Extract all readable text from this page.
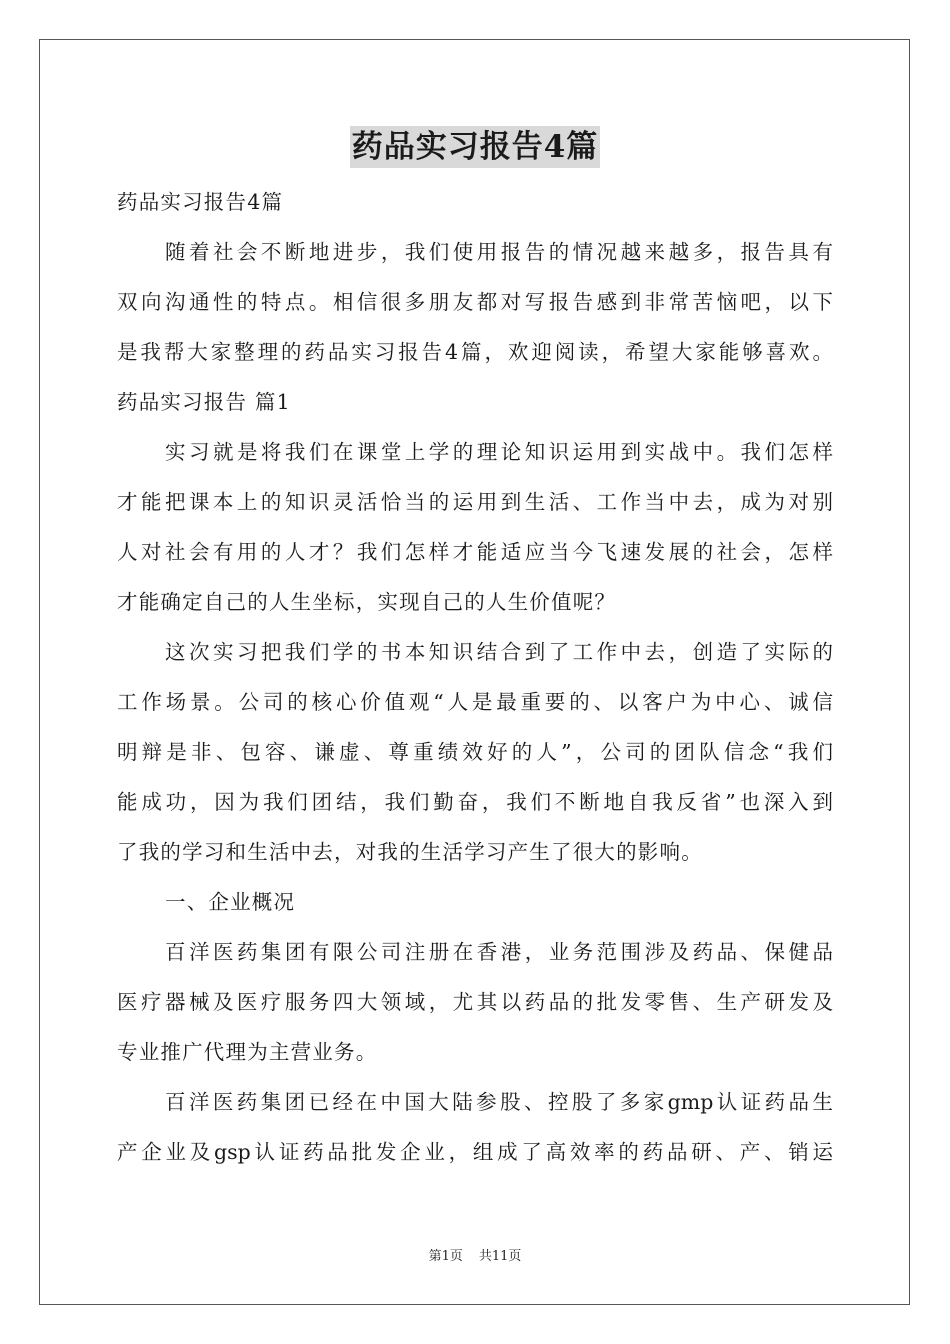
药品实习报告4篇
药品实习报告4篇
随着社会不断地进步，我们使用报告的情况越来越多，报告具有
双向沟通性的特点。相信很多朋友都对写报告感到非常苦恼吧，以下
是我帮大家整理的药品实习报告4篇，欢迎阅读，希望大家能够喜欢。
药品实习报告 篇1
实习就是将我们在课堂上学的理论知识运用到实战中。我们怎样
才能把课本上的知识灵活恰当的运用到生活、工作当中去，成为对别
人对社会有用的人才？我们怎样才能适应当今飞速发展的社会，怎样
才能确定自己的人生坐标，实现自己的人生价值呢？
这次实习把我们学的书本知识结合到了工作中去，创造了实际的
工作场景。公司的核心价值观“人是最重要的、以客户为中心、诚信
明辩是非、包容、谦虚、尊重绩效好的人”，公司的团队信念“我们
能成功，因为我们团结，我们勤奋，我们不断地自我反省”也深入到
了我的学习和生活中去，对我的生活学习产生了很大的影响。
一、企业概况
百洋医药集团有限公司注册在香港，业务范围涉及药品、保健品
医疗器械及医疗服务四大领域，尤其以药品的批发零售、生产研发及
专业推广代理为主营业务。
百洋医药集团已经在中国大陆参股、控股了多家gmp认证药品生
产企业及gsp认证药品批发企业，组成了高效率的药品研、产、销运
第1页 共11页
